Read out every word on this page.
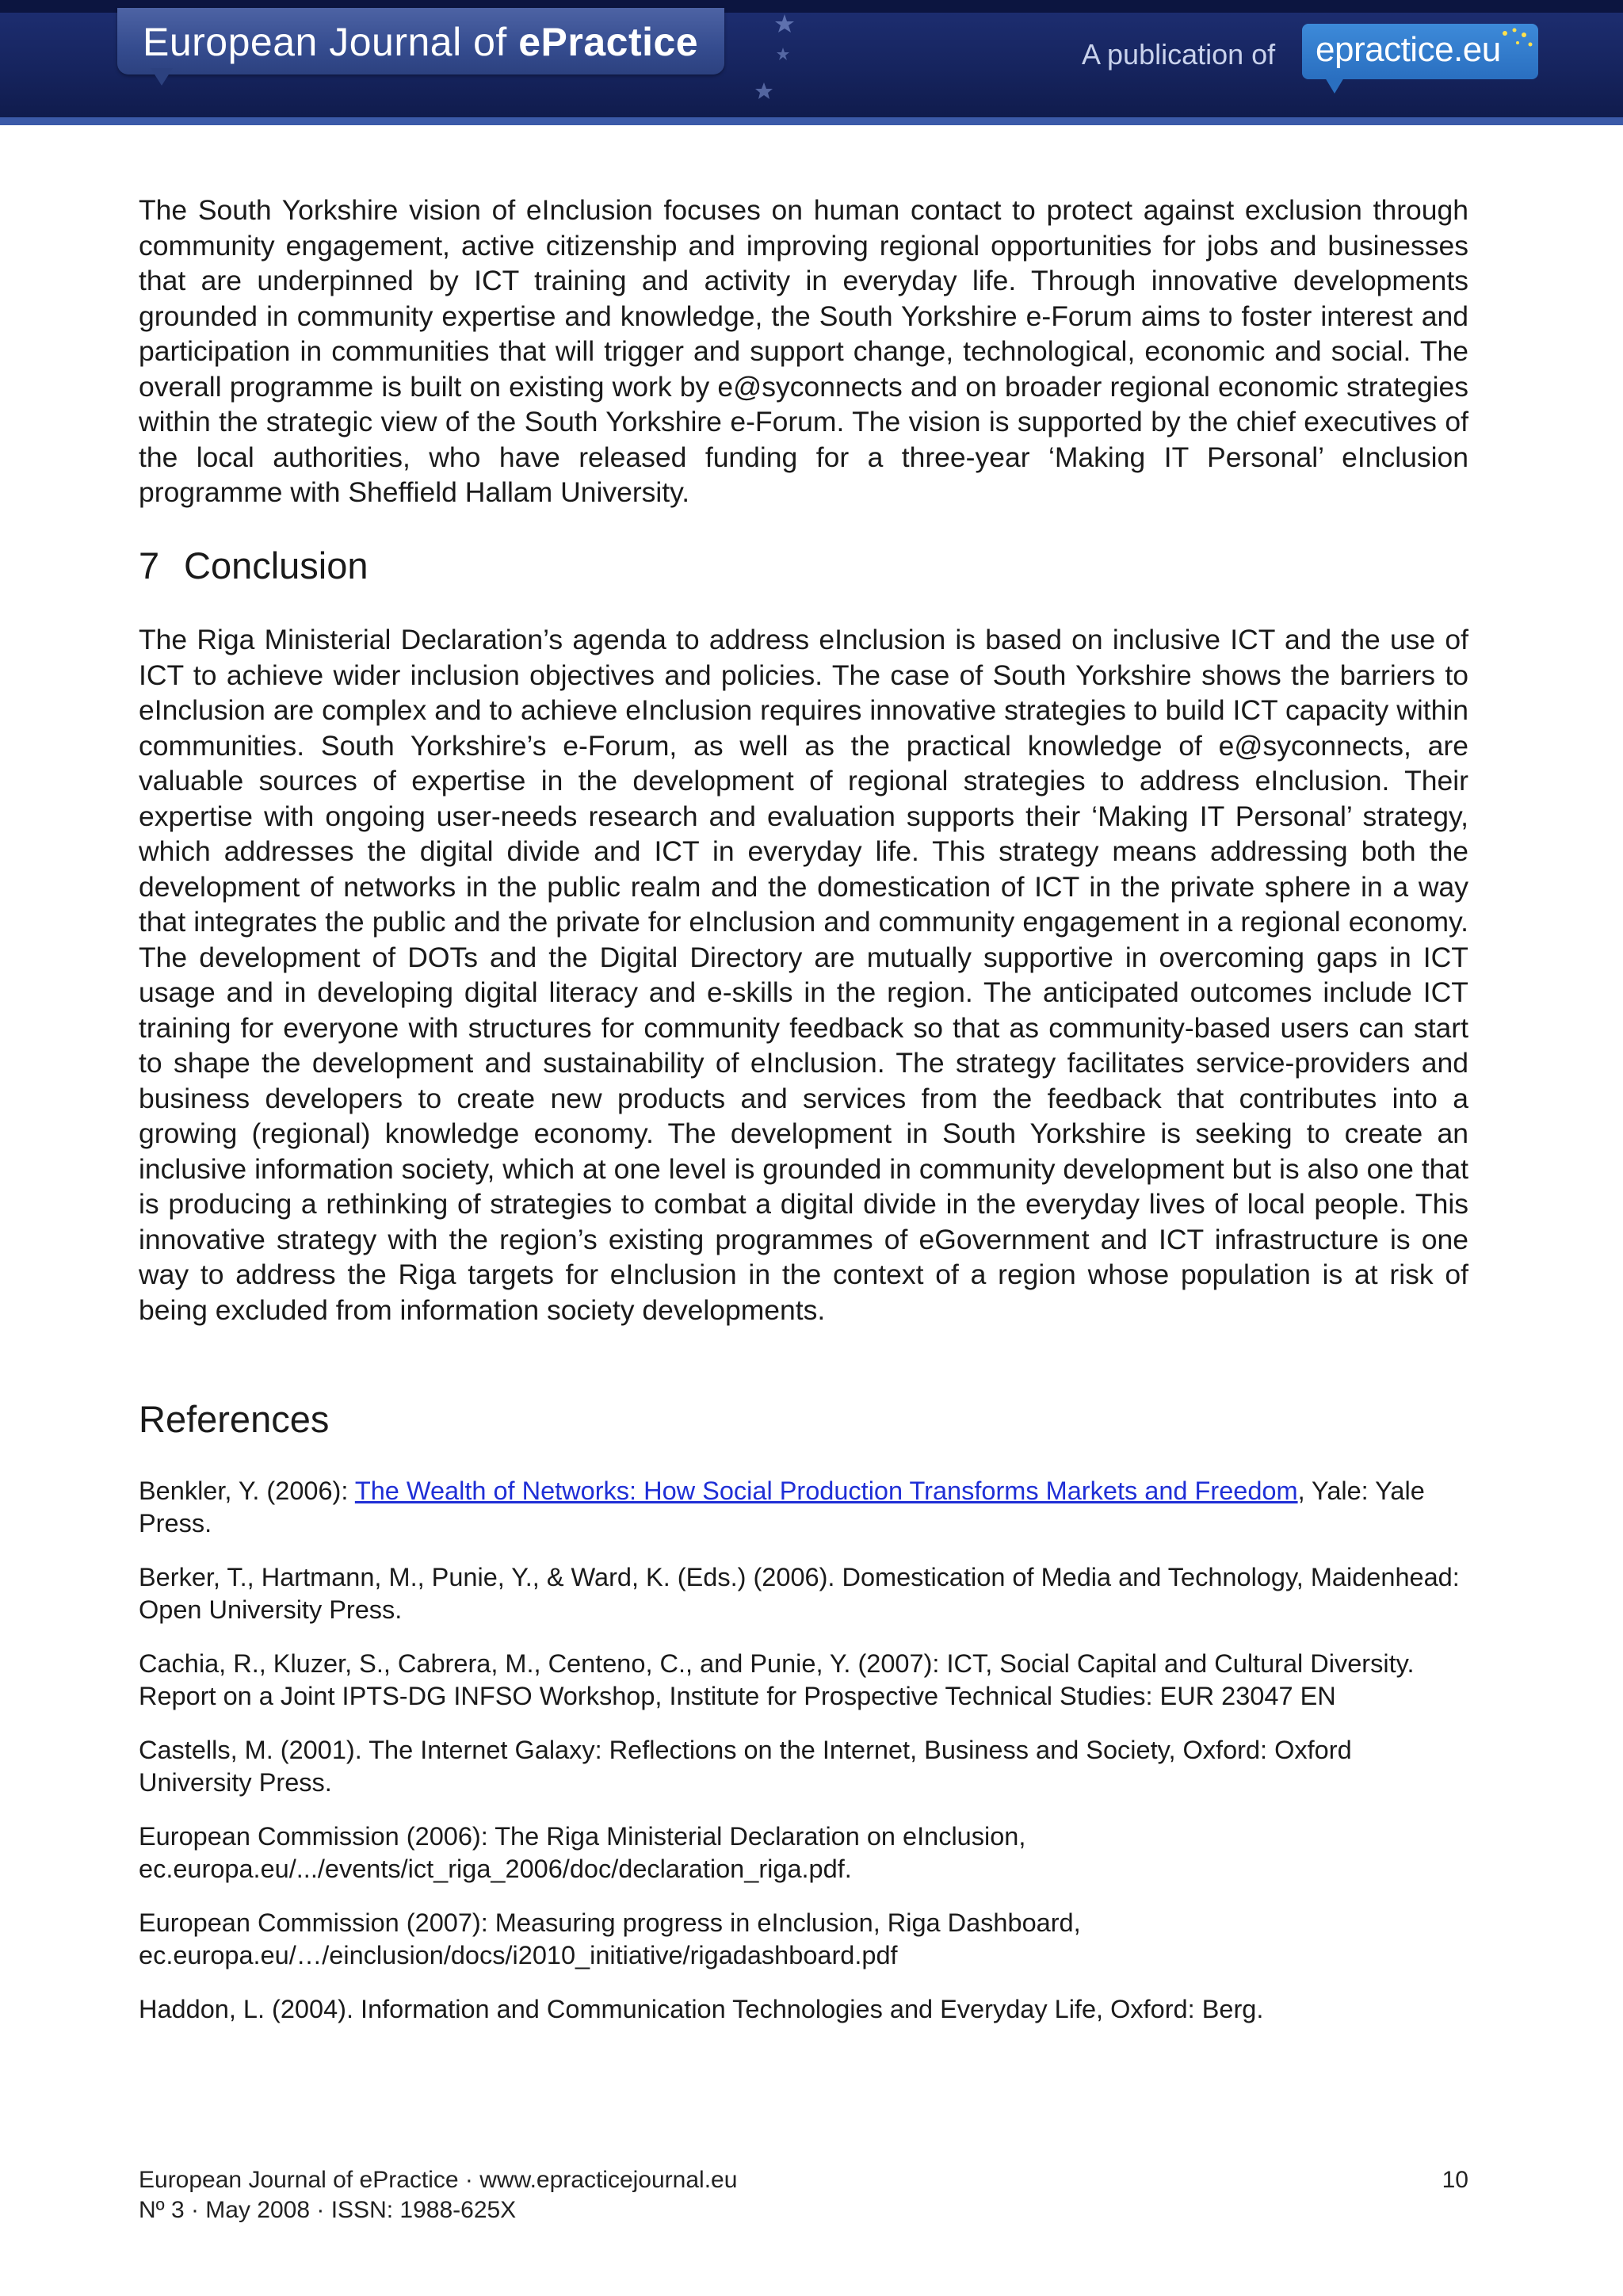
European Journal of ePractice	A publication of epractice.eu

The South Yorkshire vision of eInclusion focuses on human contact to protect against exclusion through community engagement, active citizenship and improving regional opportunities for jobs and businesses that are underpinned by ICT training and activity in everyday life. Through innovative developments grounded in community expertise and knowledge, the South Yorkshire e-Forum aims to foster interest and participation in communities that will trigger and support change, technological, economic and social. The overall programme is built on existing work by e@syconnects and on broader regional economic strategies within the strategic view of the South Yorkshire e-Forum. The vision is supported by the chief executives of the local authorities, who have released funding for a three-year ‘Making IT Personal’ eInclusion programme with Sheffield Hallam University.

7 Conclusion

The Riga Ministerial Declaration’s agenda to address eInclusion is based on inclusive ICT and the use of ICT to achieve wider inclusion objectives and policies. The case of South Yorkshire shows the barriers to eInclusion are complex and to achieve eInclusion requires innovative strategies to build ICT capacity within communities. South Yorkshire’s e-Forum, as well as the practical knowledge of e@syconnects, are valuable sources of expertise in the development of regional strategies to address eInclusion. Their expertise with ongoing user-needs research and evaluation supports their ‘Making IT Personal’ strategy, which addresses the digital divide and ICT in everyday life. This strategy means addressing both the development of networks in the public realm and the domestication of ICT in the private sphere in a way that integrates the public and the private for eInclusion and community engagement in a regional economy. The development of DOTs and the Digital Directory are mutually supportive in overcoming gaps in ICT usage and in developing digital literacy and e-skills in the region. The anticipated outcomes include ICT training for everyone with structures for community feedback so that as community-based users can start to shape the development and sustainability of eInclusion. The strategy facilitates service-providers and business developers to create new products and services from the feedback that contributes into a growing (regional) knowledge economy. The development in South Yorkshire is seeking to create an inclusive information society, which at one level is grounded in community development but is also one that is producing a rethinking of strategies to combat a digital divide in the everyday lives of local people. This innovative strategy with the region’s existing programmes of eGovernment and ICT infrastructure is one way to address the Riga targets for eInclusion in the context of a region whose population is at risk of being excluded from information society developments.

References

Benkler, Y. (2006): The Wealth of Networks: How Social Production Transforms Markets and Freedom, Yale: Yale Press.

Berker, T., Hartmann, M., Punie, Y., & Ward, K. (Eds.) (2006). Domestication of Media and Technology, Maidenhead: Open University Press.

Cachia, R., Kluzer, S., Cabrera, M., Centeno, C., and Punie, Y. (2007): ICT, Social Capital and Cultural Diversity. Report on a Joint IPTS-DG INFSO Workshop, Institute for Prospective Technical Studies: EUR 23047 EN

Castells, M. (2001). The Internet Galaxy: Reflections on the Internet, Business and Society, Oxford: Oxford University Press.

European Commission (2006): The Riga Ministerial Declaration on eInclusion, ec.europa.eu/.../events/ict_riga_2006/doc/declaration_riga.pdf.

European Commission (2007): Measuring progress in eInclusion, Riga Dashboard, ec.europa.eu/…/einclusion/docs/i2010_initiative/rigadashboard.pdf

Haddon, L. (2004). Information and Communication Technologies and Everyday Life, Oxford: Berg.

European Journal of ePractice · www.epracticejournal.eu
Nº 3 · May 2008 · ISSN: 1988-625X
10
